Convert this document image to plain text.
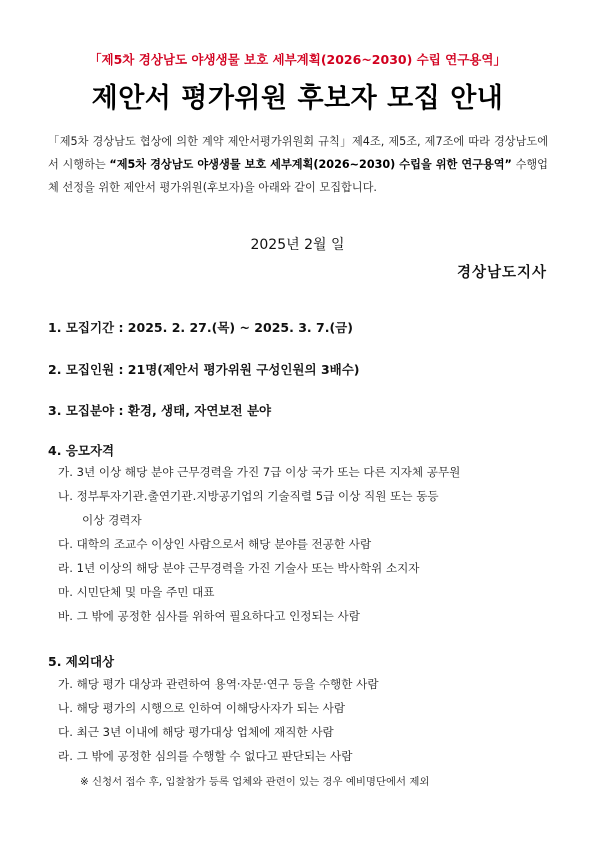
「제5차 경상남도 야생생물 보호 세부계획(2026~2030) 수립 연구용역」
제안서 평가위원 후보자 모집 안내
「제5차 경상남도 협상에 의한 계약 제안서평가위원회 규칙」제4조, 제5조, 제7조에 따라 경상남도에서 시행하는 “제5차 경상남도 야생생물 보호 세부계획(2026~2030) 수립을 위한 연구용역” 수행업체 선정을 위한 제안서 평가위원(후보자)을 아래와 같이 모집합니다.
2025년 2월 일
경상남도지사
1. 모집기간 : 2025. 2. 27.(목) ~ 2025. 3. 7.(금)
2. 모집인원 : 21명(제안서 평가위원 구성인원의 3배수)
3. 모집분야 : 환경, 생태, 자연보전 분야
4. 응모자격
가. 3년 이상 해당 분야 근무경력을 가진 7급 이상 국가 또는 다른 지자체 공무원
나. 정부투자기관․출연기관․지방공기업의 기술직렬 5급 이상 직원 또는 동등
이상 경력자
다. 대학의 조교수 이상인 사람으로서 해당 분야를 전공한 사람
라. 1년 이상의 해당 분야 근무경력을 가진 기술사 또는 박사학위 소지자
마. 시민단체 및 마을 주민 대표
바. 그 밖에 공정한 심사를 위하여 필요하다고 인정되는 사람
5. 제외대상
가. 해당 평가 대상과 관련하여 용역·자문·연구 등을 수행한 사람
나. 해당 평가의 시행으로 인하여 이해당사자가 되는 사람
다. 최근 3년 이내에 해당 평가대상 업체에 재직한 사람
라. 그 밖에 공정한 심의를 수행할 수 없다고 판단되는 사람
※ 신청서 접수 후, 입찰참가 등록 업체와 관련이 있는 경우 예비명단에서 제외
